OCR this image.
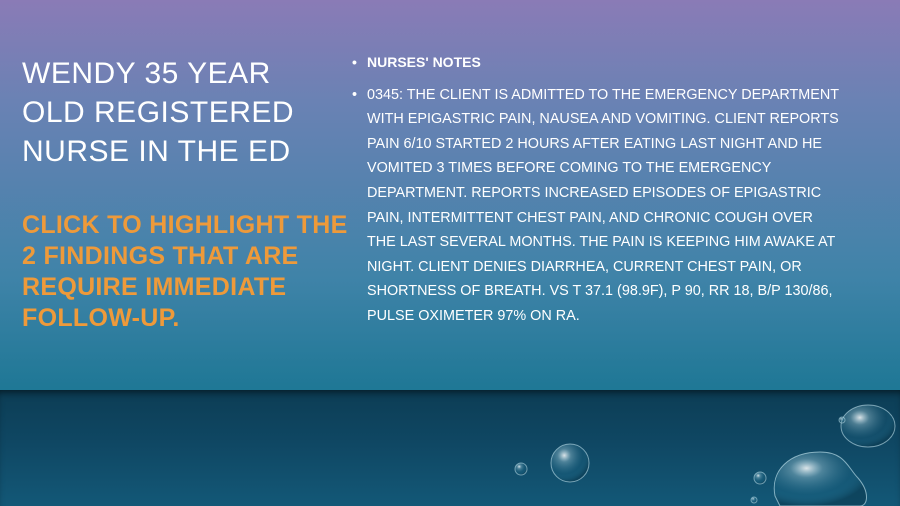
WENDY 35 YEAR OLD REGISTERED NURSE IN THE ED
CLICK TO HIGHLIGHT THE 2 FINDINGS THAT ARE REQUIRE IMMEDIATE FOLLOW-UP.
• NURSES' NOTES
• 0345: THE CLIENT IS ADMITTED TO THE EMERGENCY DEPARTMENT WITH EPIGASTRIC PAIN, NAUSEA AND VOMITING. CLIENT REPORTS PAIN 6/10 STARTED 2 HOURS AFTER EATING LAST NIGHT AND HE VOMITED 3 TIMES BEFORE COMING TO THE EMERGENCY DEPARTMENT. REPORTS INCREASED EPISODES OF EPIGASTRIC PAIN, INTERMITTENT CHEST PAIN, AND CHRONIC COUGH OVER THE LAST SEVERAL MONTHS. THE PAIN IS KEEPING HIM AWAKE AT NIGHT. CLIENT DENIES DIARRHEA, CURRENT CHEST PAIN, OR SHORTNESS OF BREATH. VS T 37.1 (98.9F), P 90, RR 18, B/P 130/86, PULSE OXIMETER 97% ON RA.
